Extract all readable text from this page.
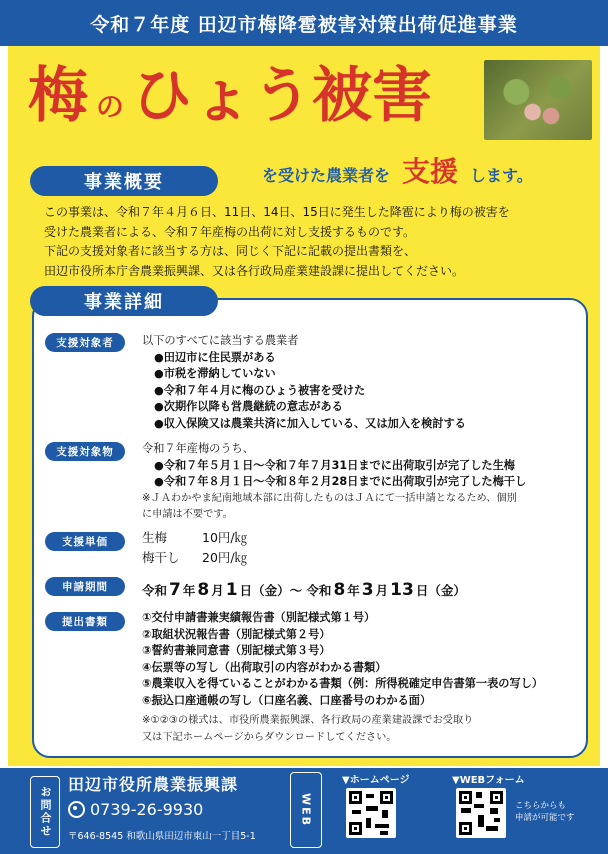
令和７年度 田辺市梅降雹被害対策出荷促進事業
梅 の ひょう被害
を受けた農業者を 支援 します。
事業概要

この事業は、令和７年４月６日、11日、14日、15日に発生した降雹により梅の被害を

受けた農業者による、令和７年産梅の出荷に対し支援するものです。

下記の支援対象者に該当する方は、同じく下記に記載の提出書類を、

田辺市役所本庁舎農業振興課、又は各行政局産業建設課に提出してください。

事業詳細
支援対象者	以下のすべてに該当する農業者
● 田辺市に住民票がある
● 市税を滞納していない
● 令和７年４月に梅のひょう被害を受けた
● 次期作以降も営農継続の意志がある
● 収入保険又は農業共済に加入している、又は加入を検討する
支援対象物	令和７年産梅のうち、
● 令和７年５月１日～令和７年７月31日までに出荷取引が完了した生梅
● 令和７年８月１日～令和８年２月28日までに出荷取引が完了した梅干し
※ＪＡわかやま紀南地域本部に出荷したものはＪＡにて一括申請となるため、個別
に申請は不要です。
支援単価	生梅	10円/㎏
梅干し 20円/㎏
申請期間	令和 7 年 8 月 1 日（金）～ 令和 8 年 3 月 13 日（金）
提出書類	①交付申請書兼実績報告書（別記様式第１号）
②取組状況報告書（別記様式第２号）
③誓約書兼同意書（別記様式第３号）
④伝票等の写し（出荷取引の内容がわかる書類）
⑤農業収入を得ていることがわかる書類（例：所得税確定申告書第一表の写し）
⑥振込口座通帳の写し（口座名義、口座番号のわかる面）
※①②③の様式は、市役所農業振興課、各行政局の産業建設課でお受取り
又は下記ホームページからダウンロードしてください。
お問合せ
田辺市役所農業振興課
0739-26-9930
〒646-8545 和歌山県田辺市東山一丁目5-1
WEB
▼ホームページ	▼WEBフォーム
こちらからも
申請が可能です
